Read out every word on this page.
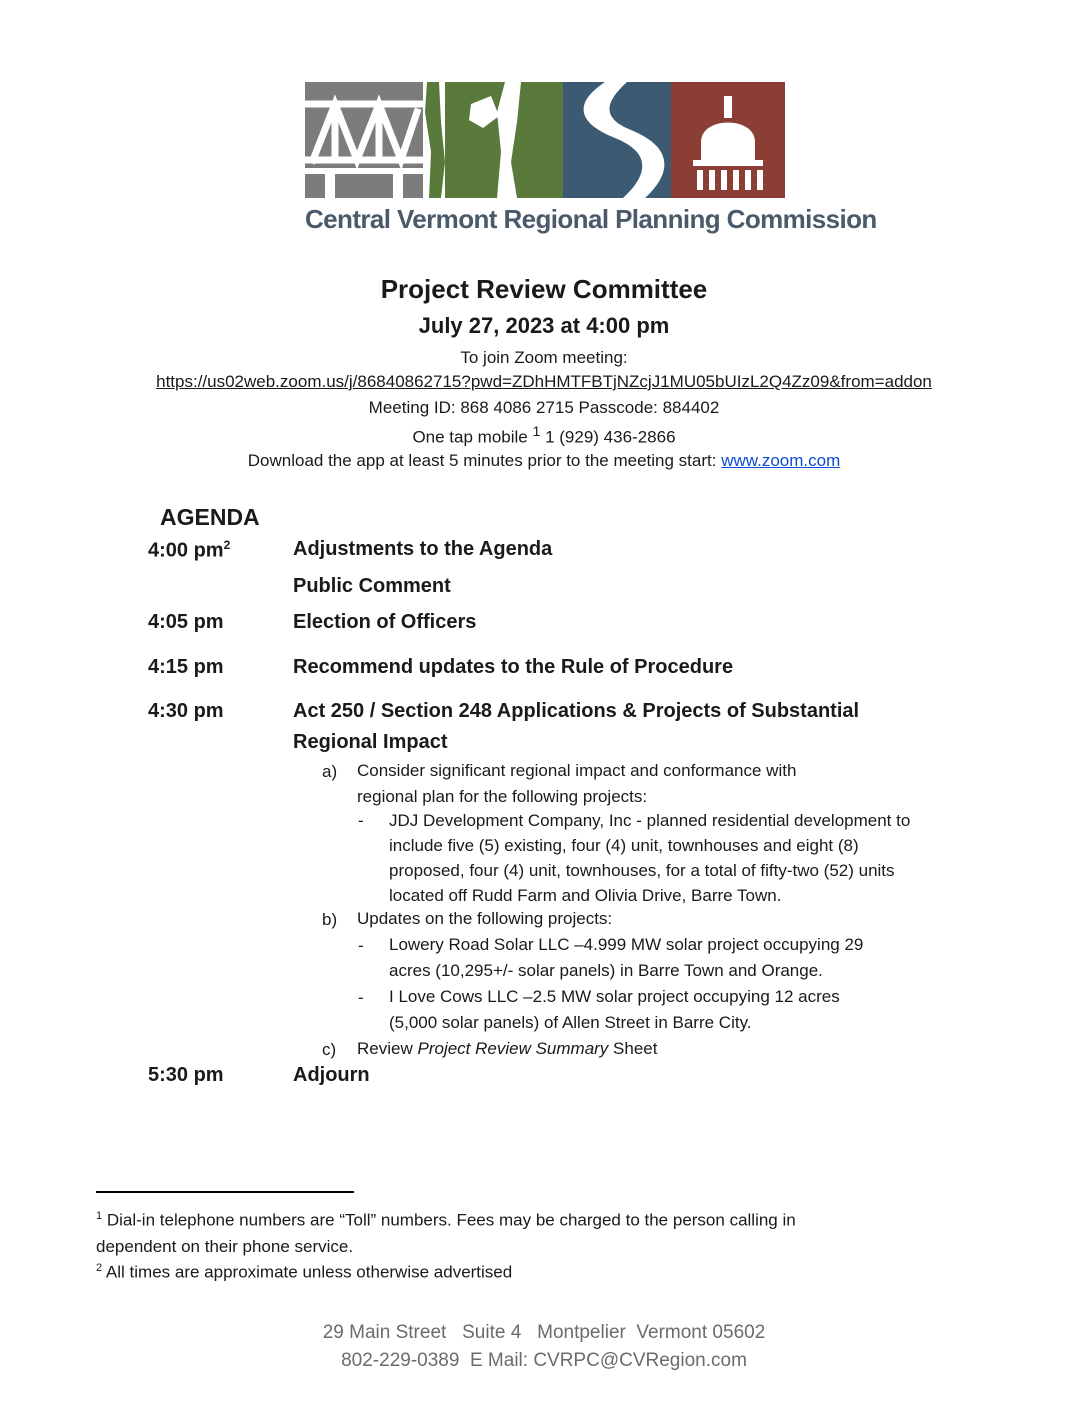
Central Vermont Regional Planning Commission
Project Review Committee
July 27, 2023 at 4:00 pm
To join Zoom meeting:
https://us02web.zoom.us/j/86840862715?pwd=ZDhHMTFBTjNZcjJ1MU05bUIzL2Q4Zz09&from=addon
Meeting ID: 868 4086 2715 Passcode: 884402
One tap mobile $^1$ 1 (929) 436-2866
Download the app at least 5 minutes prior to the meeting start: www.zoom.com
AGENDA
4:00 $pm^2$	Adjustments to the Agenda
Public Comment
4:05 pm	Election of Officers
4:15 pm	Recommend updates to the Rule of Procedure
4:30 pm	Act 250 / Section 248 Applications & Projects of Substantial
Regional Impact
a) Consider significant regional impact and conformance with
regional plan for the following projects:
- JDJ Development Company, Inc - planned residential development to
include five (5) existing, four (4) unit, townhouses and eight (8)
proposed, four (4) unit, townhouses, for a total of fifty-two (52) units
located off Rudd Farm and Olivia Drive, Barre Town.
b) Updates on the following projects:
- Lowery Road Solar LLC –4.999 MW solar project occupying 29
acres (10,295+/- solar panels) in Barre Town and Orange.
- I Love Cows LLC –2.5 MW solar project occupying 12 acres
(5,000 solar panels) of Allen Street in Barre City.
c) Review Project Review Summary Sheet
5:30 pm	Adjourn
$^1$ Dial-in telephone numbers are “Toll” numbers. Fees may be charged to the person calling in
dependent on their phone service.
$^2$ All times are approximate unless otherwise advertised
29 Main Street   Suite 4   Montpelier  Vermont 05602
802-229-0389  E Mail: CVRPC@CVRegion.com
